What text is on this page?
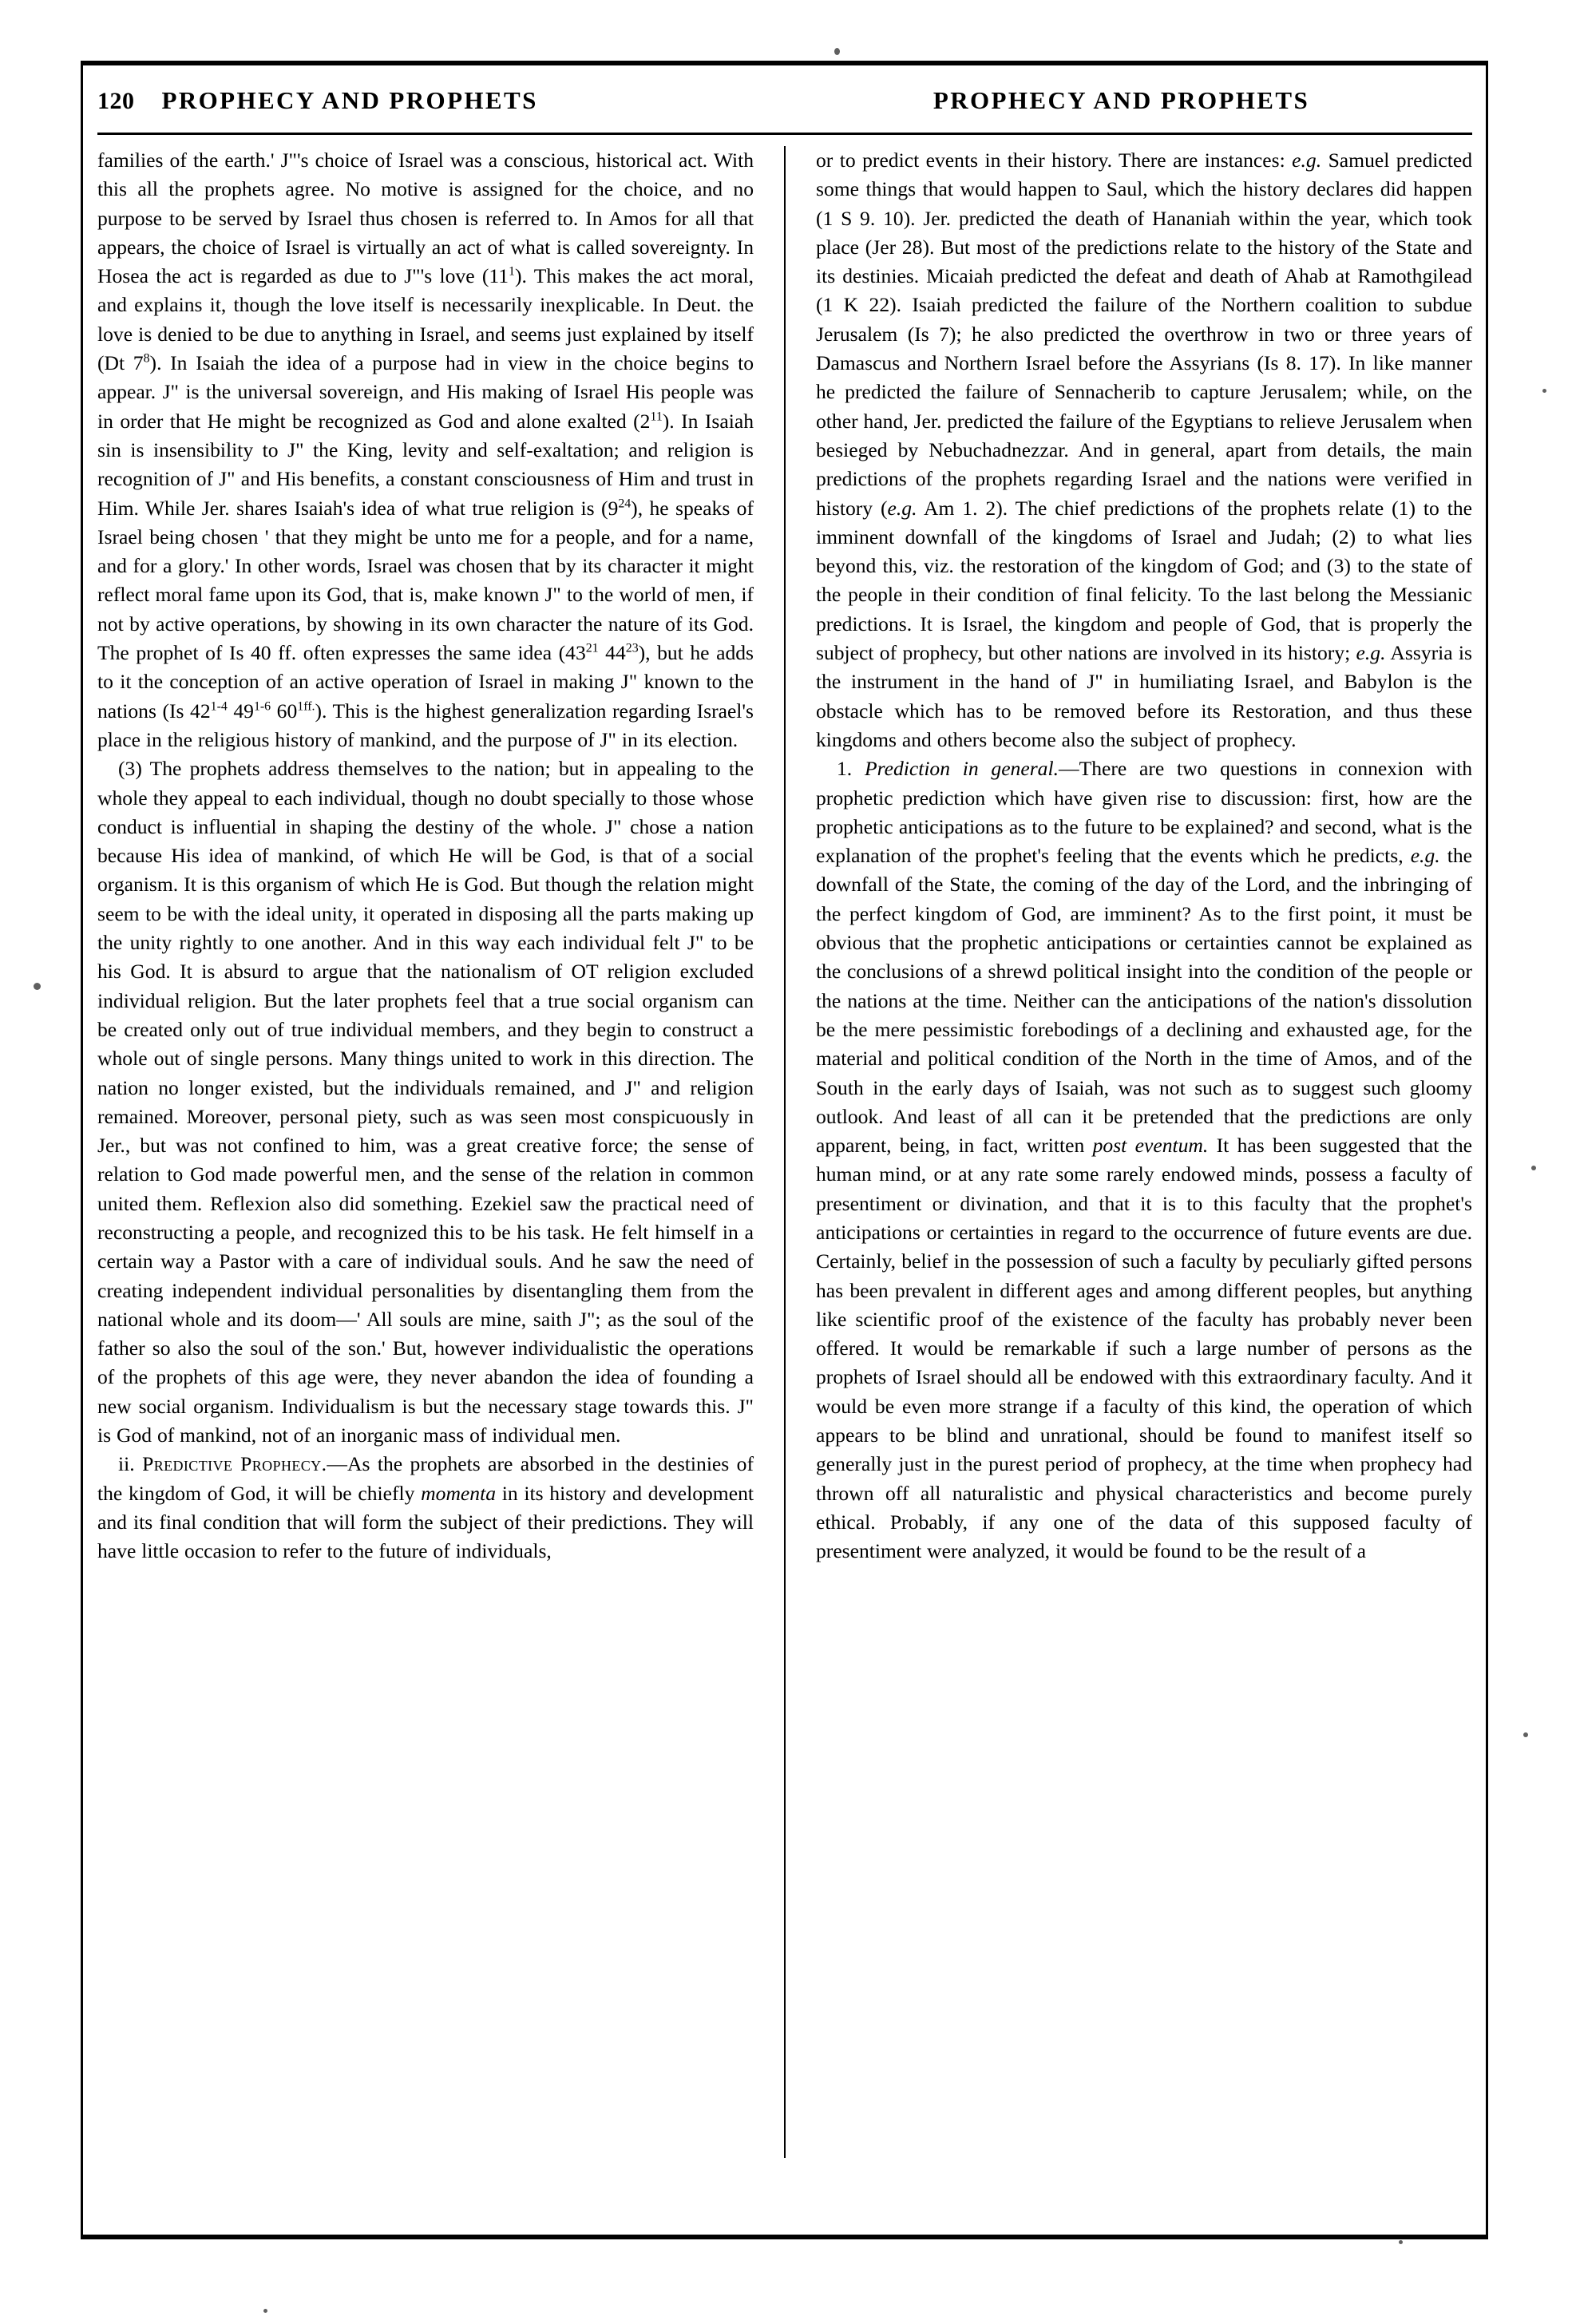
120 PROPHECY AND PROPHETS	PROPHECY AND PROPHETS

families of the earth.' J"'s choice of Israel was a conscious, historical act. With this all the prophets agree. No motive is assigned for the choice, and no purpose to be served by Israel thus chosen is referred to. In Amos for all that appears, the choice of Israel is virtually an act of what is called sovereignty. In Hosea the act is regarded as due to J"'s love $(11^1)$. This makes the act moral, and explains it, though the love itself is necessarily inexplicable. In Deut. the love is denied to be due to anything in Israel, and seems just explained by itself (Dt $7^8$). In Isaiah the idea of a purpose had in view in the choice begins to appear. J" is the universal sovereign, and His making of Israel His people was in order that He might be recognized as God and alone exalted $(2^{11})$. In Isaiah sin is insensibility to J" the King, levity and self-exaltation; and religion is recognition of J" and His benefits, a constant consciousness of Him and trust in Him. While Jer. shares Isaiah's idea of what true religion is $(9^{24})$, he speaks of Israel being chosen ' that they might be unto me for a people, and for a name, and for a glory.' In other words, Israel was chosen that by its character it might reflect moral fame upon its God, that is, make known J" to the world of men, if not by active operations, by showing in its own character the nature of its God. The prophet of Is 40 ff. often expresses the same idea ($43^{21}$ $44^{23}$), but he adds to it the conception of an active operation of Israel in making J" known to the nations (Is 42$^{1-4}$ 49$^{1-6}$ $60^{1ff.}$). This is the highest generalization regarding Israel's place in the religious history of mankind, and the purpose of J" in its election.

(3) The prophets address themselves to the nation; but in appealing to the whole they appeal to each individual, though no doubt specially to those whose conduct is influential in shaping the destiny of the whole. J" chose a nation because His idea of mankind, of which He will be God, is that of a social organism. It is this organism of which He is God. But though the relation might seem to be with the ideal unity, it operated in disposing all the parts making up the unity rightly to one another. And in this way each individual felt J" to be his God. It is absurd to argue that the nationalism of OT religion excluded individual religion. But the later prophets feel that a true social organism can be created only out of true individual members, and they begin to construct a whole out of single persons. Many things united to work in this direction. The nation no longer existed, but the individuals remained, and J" and religion remained. Moreover, personal piety, such as was seen most conspicuously in Jer., but was not confined to him, was a great creative force; the sense of relation to God made powerful men, and the sense of the relation in common united them. Reflexion also did something. Ezekiel saw the practical need of reconstructing a people, and recognized this to be his task. He felt himself in a certain way a Pastor with a care of individual souls. And he saw the need of creating independent individual personalities by disentangling them from the national whole and its doom—' All souls are mine, saith J"; as the soul of the father so also the soul of the son.' But, however individualistic the operations of the prophets of this age were, they never abandon the idea of founding a new social organism. Individualism is but the necessary stage towards this. J" is God of mankind, not of an inorganic mass of individual men.

ii. Predictive Prophecy.—As the prophets are absorbed in the destinies of the kingdom of God, it will be chiefly momenta in its history and development and its final condition that will form the subject of their predictions. They will have little occasion to refer to the future of individuals,

or to predict events in their history. There are instances: e.g. Samuel predicted some things that would happen to Saul, which the history declares did happen (1 S 9. 10). Jer. predicted the death of Hananiah within the year, which took place (Jer 28). But most of the predictions relate to the history of the State and its destinies. Micaiah predicted the defeat and death of Ahab at Ramothgilead (1 K 22). Isaiah predicted the failure of the Northern coalition to subdue Jerusalem (Is 7); he also predicted the overthrow in two or three years of Damascus and Northern Israel before the Assyrians (Is 8. 17). In like manner he predicted the failure of Sennacherib to capture Jerusalem; while, on the other hand, Jer. predicted the failure of the Egyptians to relieve Jerusalem when besieged by Nebuchadnezzar. And in general, apart from details, the main predictions of the prophets regarding Israel and the nations were verified in history (e.g. Am 1. 2). The chief predictions of the prophets relate (1) to the imminent downfall of the kingdoms of Israel and Judah; (2) to what lies beyond this, viz. the restoration of the kingdom of God; and (3) to the state of the people in their condition of final felicity. To the last belong the Messianic predictions. It is Israel, the kingdom and people of God, that is properly the subject of prophecy, but other nations are involved in its history; e.g. Assyria is the instrument in the hand of J" in humiliating Israel, and Babylon is the obstacle which has to be removed before its Restoration, and thus these kingdoms and others become also the subject of prophecy.

1. Prediction in general.—There are two questions in connexion with prophetic prediction which have given rise to discussion: first, how are the prophetic anticipations as to the future to be explained? and second, what is the explanation of the prophet's feeling that the events which he predicts, e.g. the downfall of the State, the coming of the day of the Lord, and the inbringing of the perfect kingdom of God, are imminent? As to the first point, it must be obvious that the prophetic anticipations or certainties cannot be explained as the conclusions of a shrewd political insight into the condition of the people or the nations at the time. Neither can the anticipations of the nation's dissolution be the mere pessimistic forebodings of a declining and exhausted age, for the material and political condition of the North in the time of Amos, and of the South in the early days of Isaiah, was not such as to suggest such gloomy outlook. And least of all can it be pretended that the predictions are only apparent, being, in fact, written post eventum. It has been suggested that the human mind, or at any rate some rarely endowed minds, possess a faculty of presentiment or divination, and that it is to this faculty that the prophet's anticipations or certainties in regard to the occurrence of future events are due. Certainly, belief in the possession of such a faculty by peculiarly gifted persons has been prevalent in different ages and among different peoples, but anything like scientific proof of the existence of the faculty has probably never been offered. It would be remarkable if such a large number of persons as the prophets of Israel should all be endowed with this extraordinary faculty. And it would be even more strange if a faculty of this kind, the operation of which appears to be blind and unrational, should be found to manifest itself so generally just in the purest period of prophecy, at the time when prophecy had thrown off all naturalistic and physical characteristics and become purely ethical. Probably, if any one of the data of this supposed faculty of presentiment were analyzed, it would be found to be the result of a
